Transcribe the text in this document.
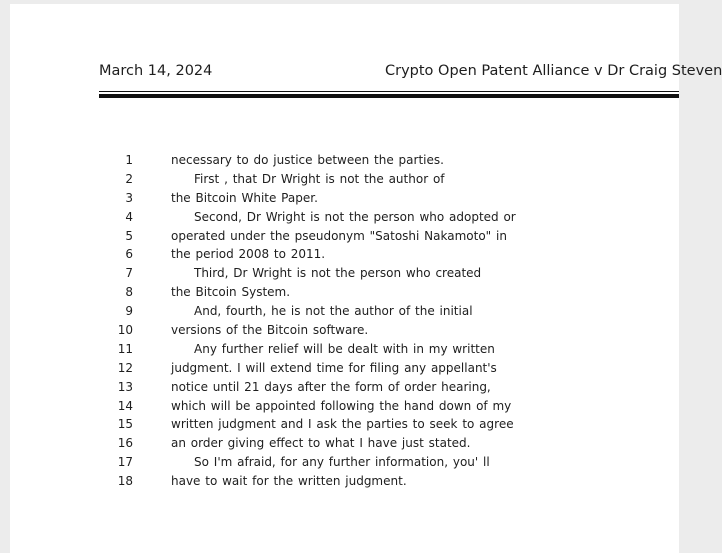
March 14, 2024	Crypto Open Patent Alliance v Dr Craig Steven
1	necessary to do justice between the parties.
2	First , that Dr Wright is not the author of
3	the Bitcoin White Paper.
4	Second, Dr Wright is not the person who adopted or
5	operated under the pseudonym "Satoshi Nakamoto" in
6	the period 2008 to 2011.
7	Third, Dr Wright is not the person who created
8	the Bitcoin System.
9	And, fourth, he is not the author of the initial
10	versions of the Bitcoin software.
11	Any further relief will be dealt with in my written
12	judgment. I will extend time for filing any appellant's
13	notice until 21 days after the form of order hearing,
14	which will be appointed following the hand down of my
15	written judgment and I ask the parties to seek to agree
16	an order giving effect to what I have just stated.
17	So I'm afraid, for any further information, you' ll
18	have to wait for the written judgment.
